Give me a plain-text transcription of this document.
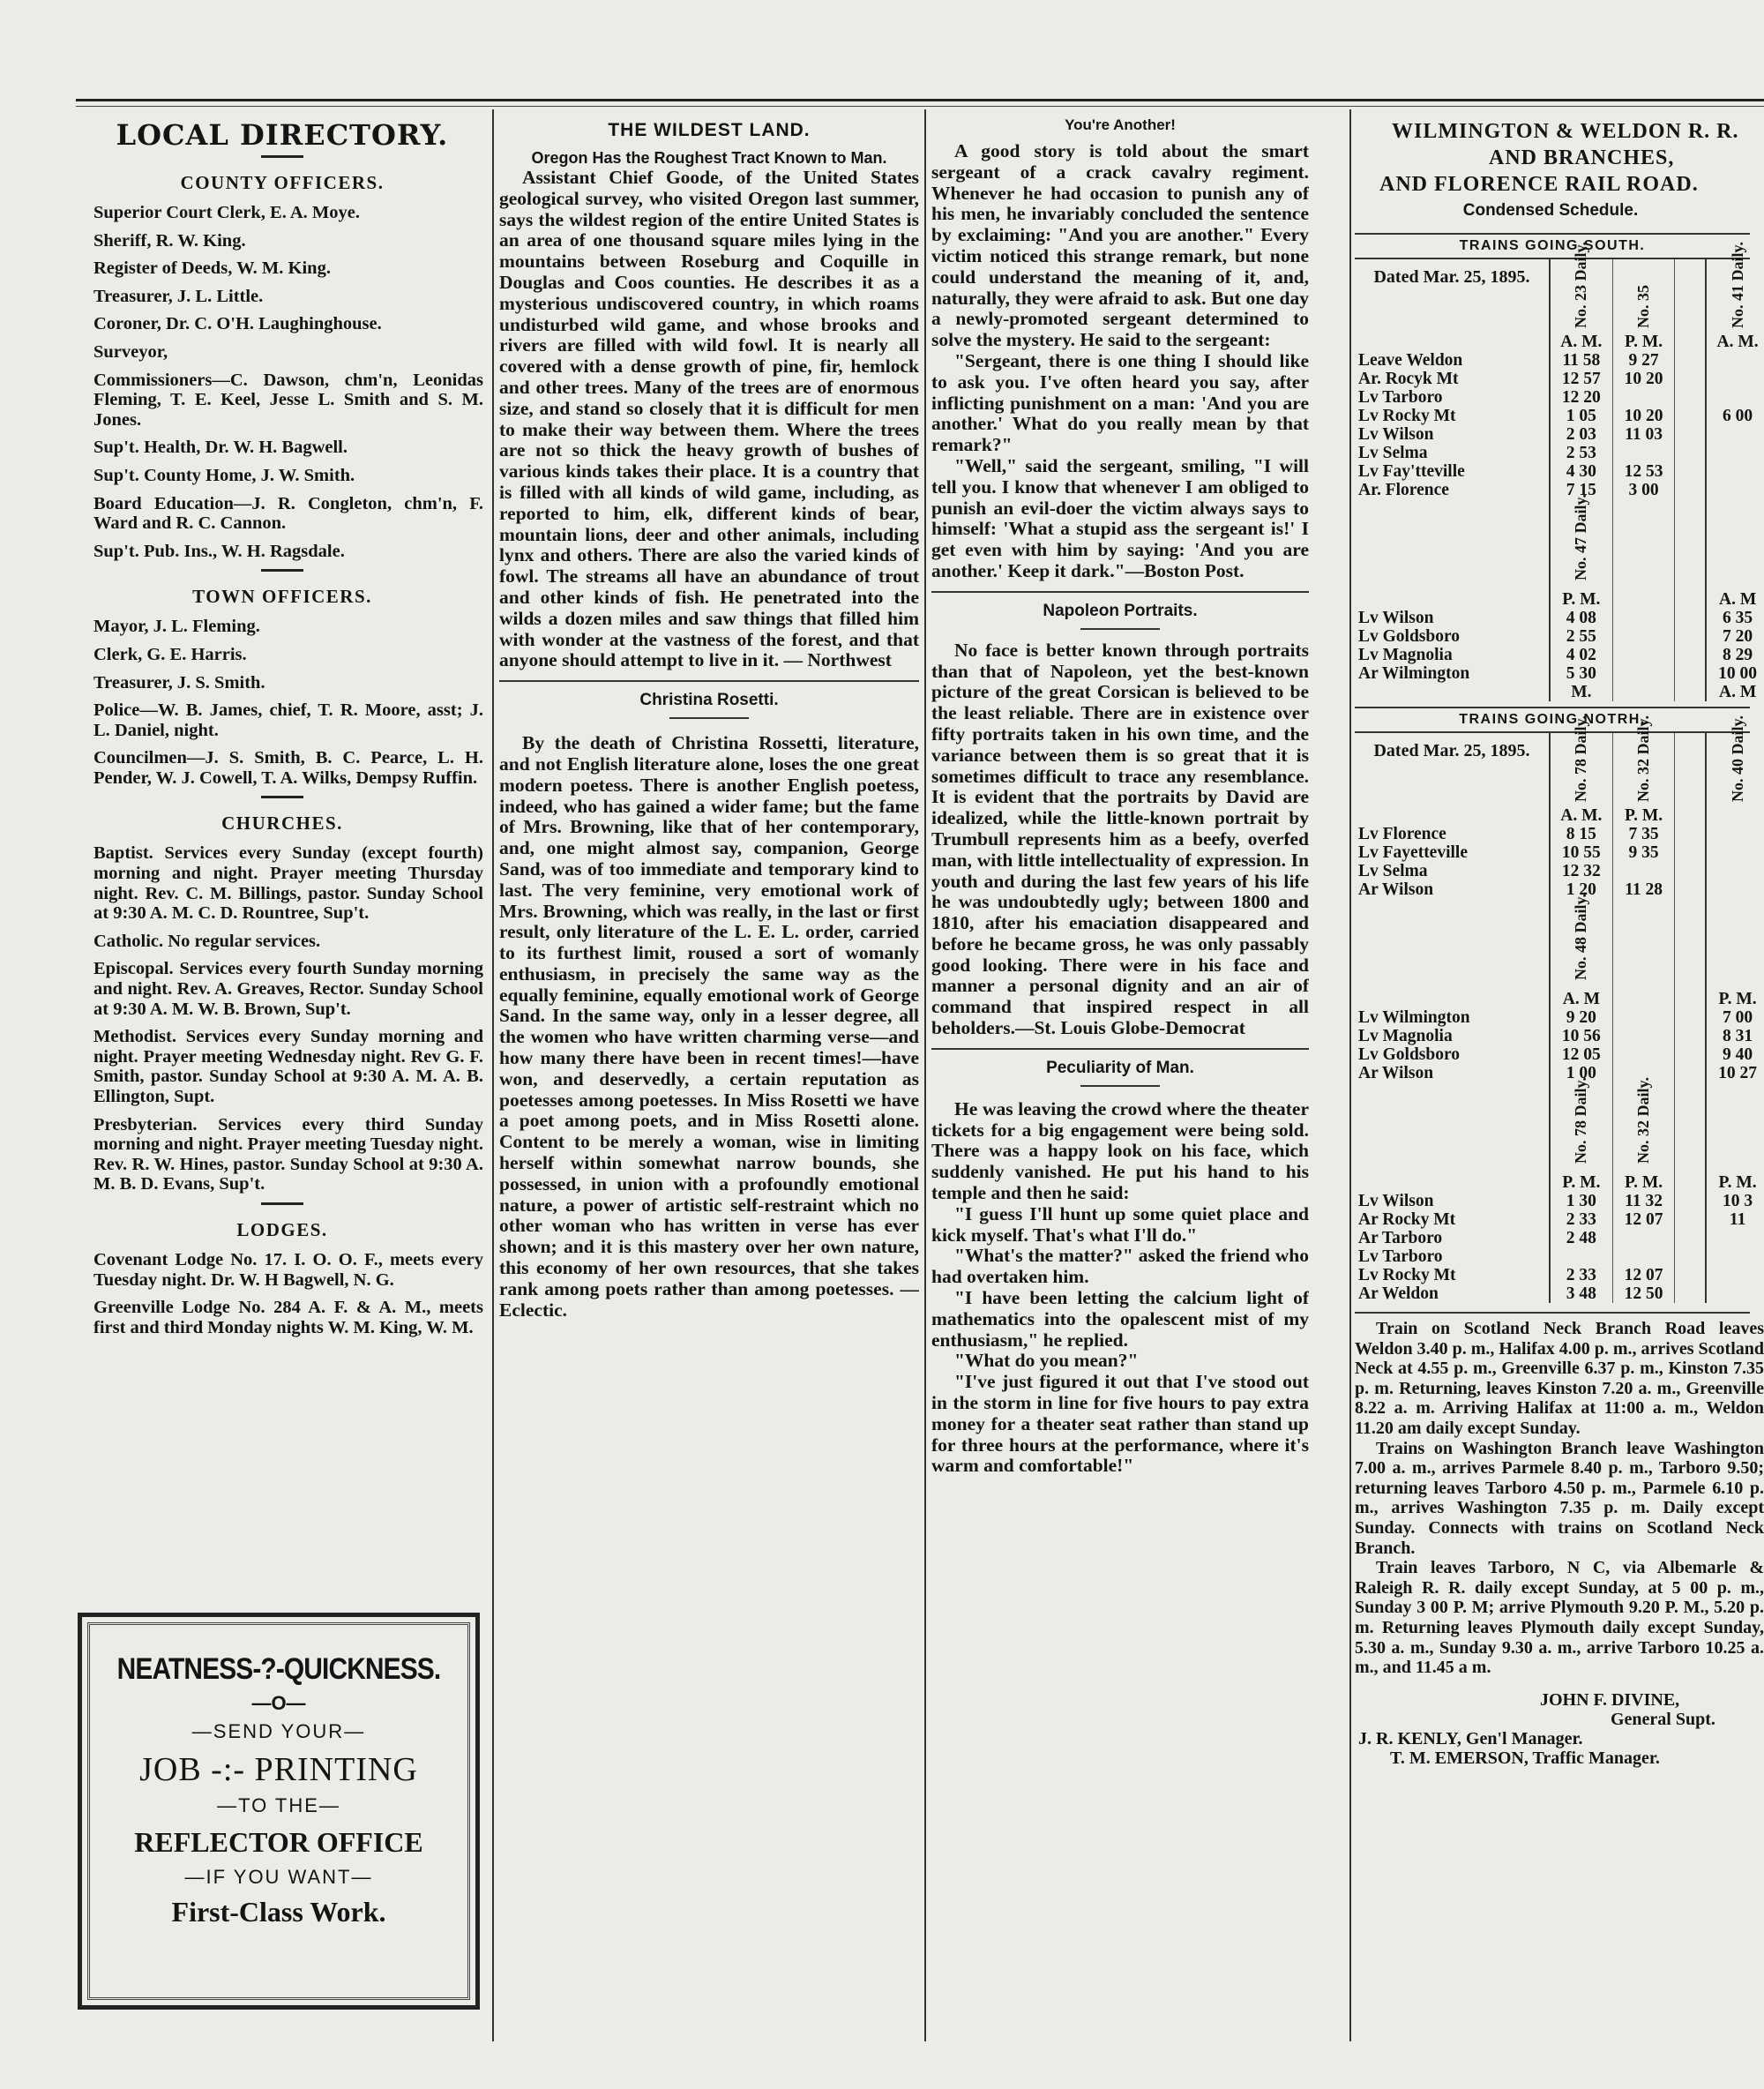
LOCAL DIRECTORY.
COUNTY OFFICERS.

Superior Court Clerk, E. A. Moye.

Sheriff, R. W. King.

Register of Deeds, W. M. King.

Treasurer, J. L. Little.

Coroner, Dr. C. O'H. Laughinghouse.

Surveyor,

Commissioners—C. Dawson, chm'n, Leonidas Fleming, T. E. Keel, Jesse L. Smith and S. M. Jones.

Sup't. Health, Dr. W. H. Bagwell.

Sup't. County Home, J. W. Smith.

Board Education—J. R. Congleton, chm'n, F. Ward and R. C. Cannon.

Sup't. Pub. Ins., W. H. Ragsdale.

TOWN OFFICERS.

Mayor, J. L. Fleming.

Clerk, G. E. Harris.

Treasurer, J. S. Smith.

Police—W. B. James, chief, T. R. Moore, asst; J. L. Daniel, night.

Councilmen—J. S. Smith, B. C. Pearce, L. H. Pender, W. J. Cowell, T. A. Wilks, Dempsy Ruffin.

CHURCHES.

Baptist. Services every Sunday (except fourth) morning and night. Prayer meeting Thursday night. Rev. C. M. Billings, pastor. Sunday School at 9:30 A. M. C. D. Rountree, Sup't.

Catholic. No regular services.

Episcopal. Services every fourth Sunday morning and night. Rev. A. Greaves, Rector. Sunday School at 9:30 A. M. W. B. Brown, Sup't.

Methodist. Services every Sunday morning and night. Prayer meeting Wednesday night. Rev G. F. Smith, pastor. Sunday School at 9:30 A. M. A. B. Ellington, Supt.

Presbyterian. Services every third Sunday morning and night. Prayer meeting Tuesday night. Rev. R. W. Hines, pastor. Sunday School at 9:30 A. M. B. D. Evans, Sup't.

LODGES.

Covenant Lodge No. 17. I. O. O. F., meets every Tuesday night. Dr. W. H Bagwell, N. G.

Greenville Lodge No. 284 A. F. & A. M., meets first and third Monday nights W. M. King, W. M.

NEATNESS-?-QUICKNESS.
—O—
—SEND YOUR—
JOB -:- PRINTING
—TO THE—
REFLECTOR OFFICE
—IF YOU WANT—
First-Class Work.
THE WILDEST LAND.
Oregon Has the Roughest Tract Known to Man.

Assistant Chief Goode, of the United States geological survey, who visited Oregon last summer, says the wildest region of the entire United States is an area of one thousand square miles lying in the mountains between Roseburg and Coquille in Douglas and Coos counties. He describes it as a mysterious undiscovered country, in which roams undisturbed wild game, and whose brooks and rivers are filled with wild fowl. It is nearly all covered with a dense growth of pine, fir, hemlock and other trees. Many of the trees are of enormous size, and stand so closely that it is difficult for men to make their way between them. Where the trees are not so thick the heavy growth of bushes of various kinds takes their place. It is a country that is filled with all kinds of wild game, including, as reported to him, elk, different kinds of bear, mountain lions, deer and other animals, including lynx and others. There are also the varied kinds of fowl. The streams all have an abundance of trout and other kinds of fish. He penetrated into the wilds a dozen miles and saw things that filled him with wonder at the vastness of the forest, and that anyone should attempt to live in it. — Northwest

Christina Rosetti.

By the death of Christina Rossetti, literature, and not English literature alone, loses the one great modern poetess. There is another English poetess, indeed, who has gained a wider fame; but the fame of Mrs. Browning, like that of her contemporary, and, one might almost say, companion, George Sand, was of too immediate and temporary kind to last. The very feminine, very emotional work of Mrs. Browning, which was really, in the last or first result, only literature of the L. E. L. order, carried to its furthest limit, roused a sort of womanly enthusiasm, in precisely the same way as the equally feminine, equally emotional work of George Sand. In the same way, only in a lesser degree, all the women who have written charming verse—and how many there have been in recent times!—have won, and deservedly, a certain reputation as poetesses among poetesses. In Miss Rosetti we have a poet among poets, and in Miss Rosetti alone. Content to be merely a woman, wise in limiting herself within somewhat narrow bounds, she possessed, in union with a profoundly emotional nature, a power of artistic self-restraint which no other woman who has written in verse has ever shown; and it is this mastery over her own nature, this economy of her own resources, that she takes rank among poets rather than among poetesses. —Eclectic.

You're Another!

A good story is told about the smart sergeant of a crack cavalry regiment. Whenever he had occasion to punish any of his men, he invariably concluded the sentence by exclaiming: "And you are another." Every victim noticed this strange remark, but none could understand the meaning of it, and, naturally, they were afraid to ask. But one day a newly-promoted sergeant determined to solve the mystery. He said to the sergeant:

"Sergeant, there is one thing I should like to ask you. I've often heard you say, after inflicting punishment on a man: 'And you are another.' What do you really mean by that remark?"

"Well," said the sergeant, smiling, "I will tell you. I know that whenever I am obliged to punish an evil-doer the victim always says to himself: 'What a stupid ass the sergeant is!' I get even with him by saying: 'And you are another.' Keep it dark."—Boston Post.

Napoleon Portraits.

No face is better known through portraits than that of Napoleon, yet the best-known picture of the great Corsican is believed to be the least reliable. There are in existence over fifty portraits taken in his own time, and the variance between them is so great that it is sometimes difficult to trace any resemblance. It is evident that the portraits by David are idealized, while the little-known portrait by Trumbull represents him as a beefy, overfed man, with little intellectuality of expression. In youth and during the last few years of his life he was undoubtedly ugly; between 1800 and 1810, after his emaciation disappeared and before he became gross, he was only passably good looking. There were in his face and manner a personal dignity and an air of command that inspired respect in all beholders.—St. Louis Globe-Democrat

Peculiarity of Man.

He was leaving the crowd where the theater tickets for a big engagement were being sold. There was a happy look on his face, which suddenly vanished. He put his hand to his temple and then he said:

"I guess I'll hunt up some quiet place and kick myself. That's what I'll do."

"What's the matter?" asked the friend who had overtaken him.

"I have been letting the calcium light of mathematics into the opalescent mist of my enthusiasm," he replied.

"What do you mean?"

"I've just figured it out that I've stood out in the storm in line for five hours to pay extra money for a theater seat rather than stand up for three hours at the performance, where it's warm and comfortable!"

WILMINGTON & WELDON R. R.
AND BRANCHES,
AND FLORENCE RAIL ROAD.
Condensed Schedule.
TRAINS GOING SOUTH.
Dated Mar. 25, 1895.	No. 23 Daily.	No. 35		No. 41 Daily.
	A. M.	P. M.		A. M.
Leave Weldon	11 58	9 27		
Ar. Rocyk Mt	12 57	10 20		

Lv Tarboro	12 20			

Lv Rocky Mt	1 05	10 20		6 00
Lv Wilson	2 03	11 03		
Lv Selma	2 53			
Lv Fay'tteville	4 30	12 53		
Ar. Florence	7 15	3 00		
	No. 47 Daily.			
	P. M.			A. M
Lv Wilson	4 08			6 35
Lv Goldsboro	2 55			7 20
Lv Magnolia	4 02			8 29
Ar Wilmington	5 30			10 00
	M.			A. M
TRAINS GOING NOTRH.
Dated Mar. 25, 1895.	No. 78 Daily.	No. 32 Daily.		No. 40 Daily.
	A. M.	P. M.		
Lv Florence	8 15	7 35		
Lv Fayetteville	10 55	9 35		
Lv Selma	12 32			
Ar Wilson	1 20	11 28		
	No. 48 Daily.			
	A. M			P. M.
Lv Wilmington	9 20			7 00
Lv Magnolia	10 56			8 31
Lv Goldsboro	12 05			9 40
Ar Wilson	1 00			10 27
	No. 78 Daily.	No. 32 Daily.		
	P. M.	P. M.		P. M.
Lv Wilson	1 30	11 32		10 3
Ar Rocky Mt	2 33	12 07		11

Ar Tarboro	2 48			
Lv Tarboro				
Lv Rocky Mt	2 33	12 07		
Ar Weldon	3 48	12 50		

Train on Scotland Neck Branch Road leaves Weldon 3.40 p. m., Halifax 4.00 p. m., arrives Scotland Neck at 4.55 p. m., Greenville 6.37 p. m., Kinston 7.35 p. m. Returning, leaves Kinston 7.20 a. m., Greenville 8.22 a. m. Arriving Halifax at 11:00 a. m., Weldon 11.20 am daily except Sunday.

Trains on Washington Branch leave Washington 7.00 a. m., arrives Parmele 8.40 p. m., Tarboro 9.50; returning leaves Tarboro 4.50 p. m., Parmele 6.10 p. m., arrives Washington 7.35 p. m. Daily except Sunday. Connects with trains on Scotland Neck Branch.

Train leaves Tarboro, N C, via Albemarle & Raleigh R. R. daily except Sunday, at 5 00 p. m., Sunday 3 00 P. M; arrive Plymouth 9.20 P. M., 5.20 p. m. Returning leaves Plymouth daily except Sunday, 5.30 a. m., Sunday 9.30 a. m., arrive Tarboro 10.25 a. m., and 11.45 a m.

JOHN F. DIVINE,
General Supt.
J. R. KENLY, Gen'l Manager.
T. M. EMERSON, Traffic Manager.
